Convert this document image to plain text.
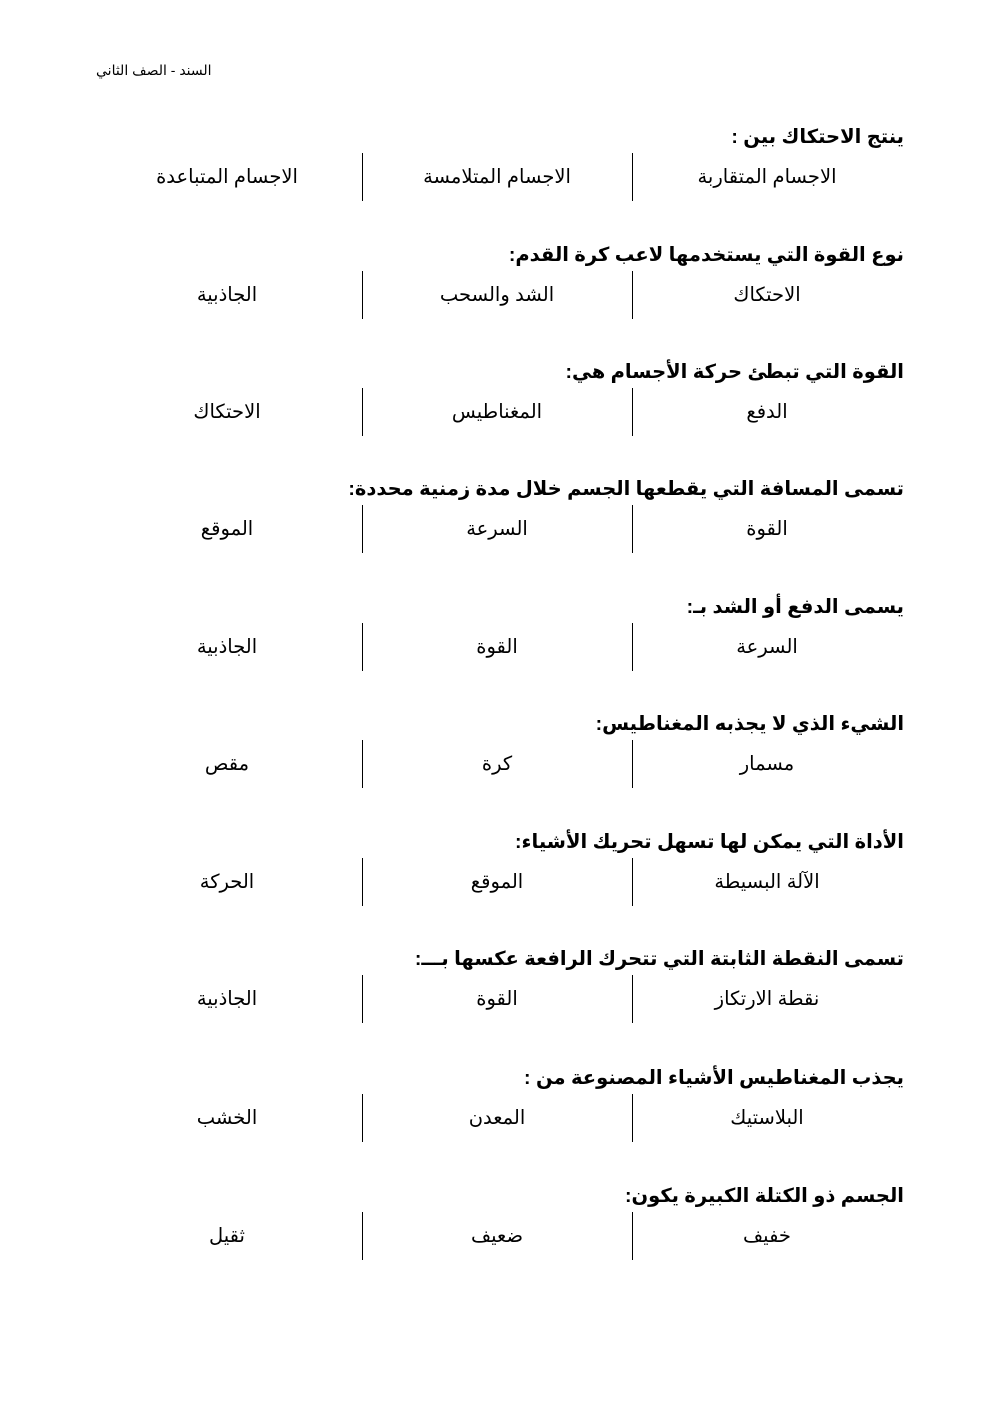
السند - الصف الثاني
ينتج الاحتكاك بين :
الاجسام المتقاربة
الاجسام المتلامسة
الاجسام المتباعدة
نوع القوة التي يستخدمها لاعب كرة القدم:
الاحتكاك
الشد والسحب
الجاذبية
القوة التي تبطئ حركة الأجسام هي:
الدفع
المغناطيس
الاحتكاك
تسمى المسافة التي يقطعها الجسم خلال مدة زمنية محددة:
القوة
السرعة
الموقع
يسمى الدفع أو الشد بـ:
السرعة
القوة
الجاذبية
الشيء الذي لا يجذبه المغناطيس:
مسمار
كرة
مقص
الأداة التي يمكن لها تسهل تحريك الأشياء:
الآلة البسيطة
الموقع
الحركة
تسمى النقطة الثابتة التي تتحرك الرافعة عكسها بـــ:
نقطة الارتكاز
القوة
الجاذبية
يجذب المغناطيس الأشياء المصنوعة من :
البلاستيك
المعدن
الخشب
الجسم ذو الكتلة الكبيرة يكون:
خفيف
ضعيف
ثقيل
